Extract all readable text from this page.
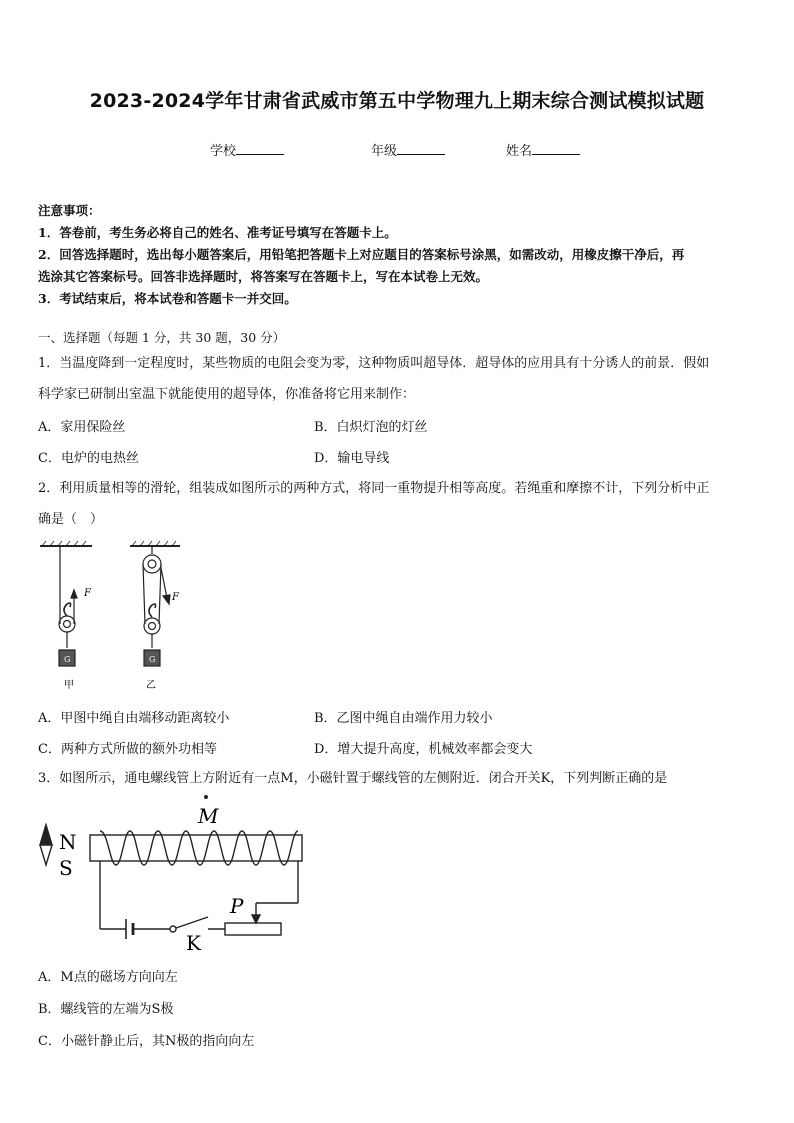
2023-2024学年甘肃省武威市第五中学物理九上期末综合测试模拟试题
学校	年级	姓名
注意事项：
1．答卷前，考生务必将自己的姓名、准考证号填写在答题卡上。
2．回答选择题时，选出每小题答案后，用铅笔把答题卡上对应题目的答案标号涂黑，如需改动，用橡皮擦干净后，再
选涂其它答案标号。回答非选择题时，将答案写在答题卡上，写在本试卷上无效。
3．考试结束后，将本试卷和答题卡一并交回。
一、选择题（每题 1 分，共 30 题，30 分）
1．当温度降到一定程度时，某些物质的电阻会变为零，这种物质叫超导体．超导体的应用具有十分诱人的前景．假如
科学家已研制出室温下就能使用的超导体，你准备将它用来制作：
A．家用保险丝	B．白炽灯泡的灯丝
C．电炉的电热丝	D．输电导线
2．利用质量相等的滑轮，组装成如图所示的两种方式，将同一重物提升相等高度。若绳重和摩擦不计，下列分析中正
确是（　）
F	F
G	G
甲	乙
A．甲图中绳自由端移动距离较小	B．乙图中绳自由端作用力较小
C．两种方式所做的额外功相等	D．增大提升高度，机械效率都会变大
3．如图所示，通电螺线管上方附近有一点M，小磁针置于螺线管的左侧附近．闭合开关K，下列判断正确的是
M
N
S
K
P
A．M点的磁场方向向左
B．螺线管的左端为S极
C．小磁针静止后，其N极的指向向左
